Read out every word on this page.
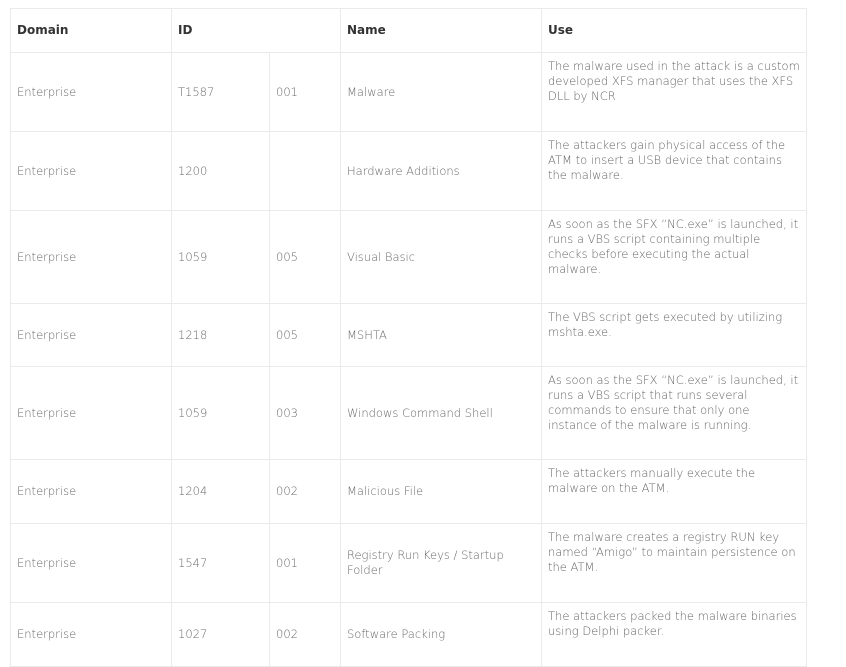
Domain	ID		Name	Use
Enterprise	T1587	001	Malware	The malware used in the attack is a custom developed XFS manager that uses the XFS DLL by NCR
Enterprise	1200		Hardware Additions	The attackers gain physical access of the ATM to insert a USB device that contains the malware.
Enterprise	1059	005	Visual Basic	As soon as the SFX “NC.exe” is launched, it runs a VBS script containing multiple checks before executing the actual malware.
Enterprise	1218	005	MSHTA	The VBS script gets executed by utilizing mshta.exe.
Enterprise	1059	003	Windows Command Shell	As soon as the SFX “NC.exe” is launched, it runs a VBS script that runs several commands to ensure that only one instance of the malware is running.
Enterprise	1204	002	Malicious File	The attackers manually execute the malware on the ATM.
Enterprise	1547	001	Registry Run Keys / Startup Folder	The malware creates a registry RUN key named “Amigo” to maintain persistence on the ATM.
Enterprise	1027	002	Software Packing	The attackers packed the malware binaries using Delphi packer.
